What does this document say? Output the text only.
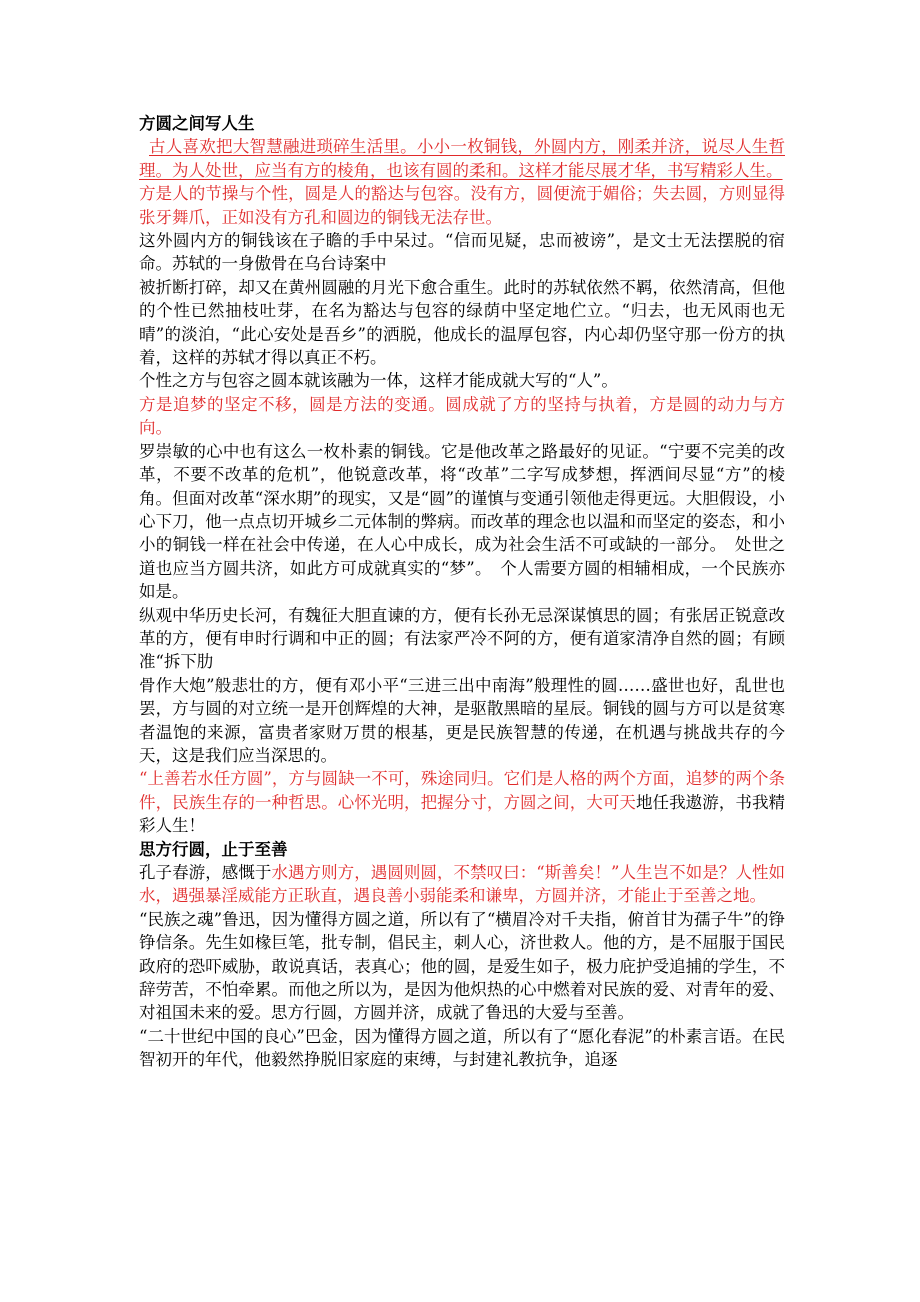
方圆之间写人生

古人喜欢把大智慧融进琐碎生活里。小小一枚铜钱，外圆内方，刚柔并济，说尽人生哲理。为人处世，应当有方的棱角，也该有圆的柔和。这样才能尽展才华，书写精彩人生。

方是人的节操与个性，圆是人的豁达与包容。没有方，圆便流于媚俗；失去圆，方则显得张牙舞爪，正如没有方孔和圆边的铜钱无法存世。

这外圆内方的铜钱该在子瞻的手中呆过。“信而见疑，忠而被谤”，是文士无法摆脱的宿命。苏轼的一身傲骨在乌台诗案中

被折断打碎，却又在黄州圆融的月光下愈合重生。此时的苏轼依然不羁，依然清高，但他的个性已然抽枝吐芽，在名为豁达与包容的绿荫中坚定地伫立。“归去，也无风雨也无晴”的淡泊，“此心安处是吾乡”的洒脱，他成长的温厚包容，内心却仍坚守那一份方的执着，这样的苏轼才得以真正不朽。

个性之方与包容之圆本就该融为一体，这样才能成就大写的“人”。

方是追梦的坚定不移，圆是方法的变通。圆成就了方的坚持与执着，方是圆的动力与方向。

罗崇敏的心中也有这么一枚朴素的铜钱。它是他改革之路最好的见证。“宁要不完美的改革，不要不改革的危机”，他锐意改革，将“改革”二字写成梦想，挥洒间尽显“方”的棱角。但面对改革“深水期”的现实，又是“圆”的谨慎与变通引领他走得更远。大胆假设，小心下刀，他一点点切开城乡二元体制的弊病。而改革的理念也以温和而坚定的姿态，和小小的铜钱一样在社会中传递，在人心中成长，成为社会生活不可或缺的一部分。　处世之道也应当方圆共济，如此方可成就真实的“梦”。　个人需要方圆的相辅相成，一个民族亦如是。

纵观中华历史长河，有魏征大胆直谏的方，便有长孙无忌深谋慎思的圆；有张居正锐意改革的方，便有申时行调和中正的圆；有法家严冷不阿的方，便有道家清净自然的圆；有顾准“拆下肋

骨作大炮”般悲壮的方，便有邓小平“三进三出中南海”般理性的圆……盛世也好，乱世也罢，方与圆的对立统一是开创辉煌的大神，是驱散黑暗的星辰。铜钱的圆与方可以是贫寒者温饱的来源，富贵者家财万贯的根基，更是民族智慧的传递，在机遇与挑战共存的今天，这是我们应当深思的。

“上善若水任方圆”，方与圆缺一不可，殊途同归。它们是人格的两个方面，追梦的两个条件，民族生存的一种哲思。心怀光明，把握分寸，方圆之间，大可天地任我遨游，书我精彩人生！

思方行圆，止于至善

孔子春游，感慨于水遇方则方，遇圆则圆，不禁叹曰：“斯善矣！”人生岂不如是？人性如水，遇强暴淫威能方正耿直，遇良善小弱能柔和谦卑，方圆并济，才能止于至善之地。

“民族之魂”鲁迅，因为懂得方圆之道，所以有了“横眉冷对千夫指，俯首甘为孺子牛”的铮铮信条。先生如椽巨笔，批专制，倡民主，刺人心，济世救人。他的方，是不屈服于国民政府的恐吓威胁，敢说真话，表真心；他的圆，是爱生如子，极力庇护受追捕的学生，不辞劳苦，不怕牵累。而他之所以为，是因为他炽热的心中燃着对民族的爱、对青年的爱、对祖国未来的爱。思方行圆，方圆并济，成就了鲁迅的大爱与至善。

“二十世纪中国的良心”巴金，因为懂得方圆之道，所以有了“愿化春泥”的朴素言语。在民智初开的年代，他毅然挣脱旧家庭的束缚，与封建礼教抗争，追逐
